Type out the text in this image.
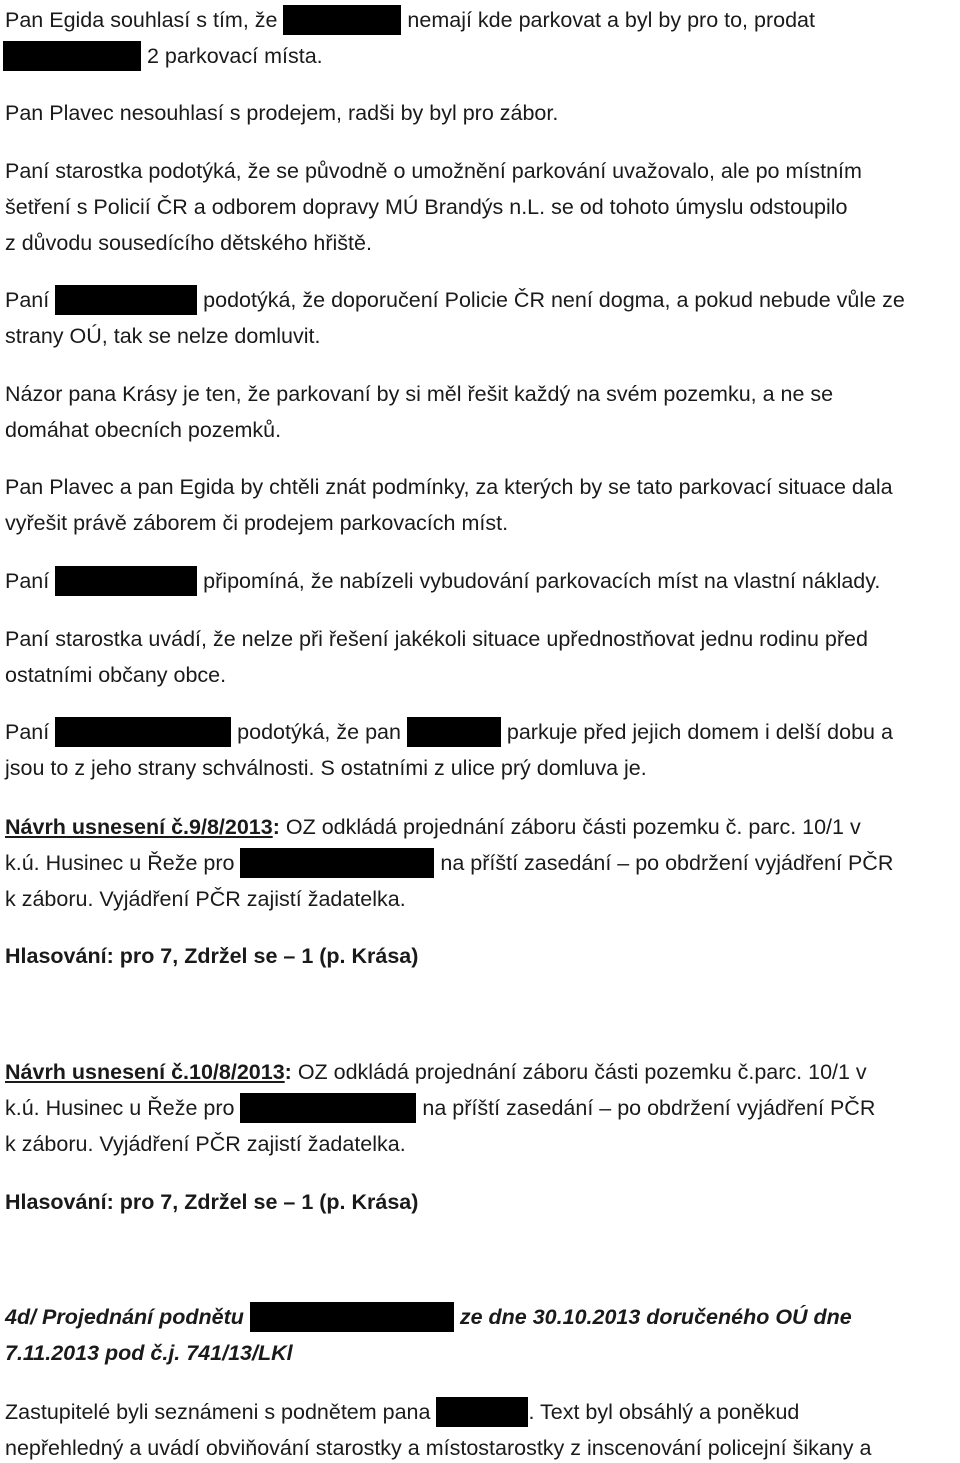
Pan Egida souhlasí s tím, že	nemají kde parkovat a byl by pro to, prodat
2 parkovací místa.
Pan Plavec nesouhlasí s prodejem, radši by byl pro zábor.
Paní starostka podotýká, že se původně o umožnění parkování uvažovalo, ale po místním
šetření s Policií ČR a odborem dopravy MÚ Brandýs n.L. se od tohoto úmyslu odstoupilo
z důvodu sousedícího dětského hřiště.
Paní	podotýká, že doporučení Policie ČR není dogma, a pokud nebude vůle ze
strany OÚ, tak se nelze domluvit.
Názor pana Krásy je ten, že parkovaní by si měl řešit každý na svém pozemku, a ne se
domáhat obecních pozemků.
Pan Plavec a pan Egida by chtěli znát podmínky, za kterých by se tato parkovací situace dala
vyřešit právě záborem či prodejem parkovacích míst.
Paní	připomíná, že nabízeli vybudování parkovacích míst na vlastní náklady.
Paní starostka uvádí, že nelze při řešení jakékoli situace upřednostňovat jednu rodinu před
ostatními občany obce.
Paní	podotýká, že pan	parkuje před jejich domem i delší dobu a
jsou to z jeho strany schválnosti. S ostatními z ulice prý domluva je.
Návrh usnesení č.9/8/2013: OZ odkládá projednání záboru části pozemku č. parc. 10/1 v
k.ú. Husinec u Řeže pro	na příští zasedání – po obdržení vyjádření PČR
k záboru. Vyjádření PČR zajistí žadatelka.
Hlasování: pro 7, Zdržel se – 1 (p. Krása)
Návrh usnesení č.10/8/2013: OZ odkládá projednání záboru části pozemku č.parc. 10/1 v
k.ú. Husinec u Řeže pro	na příští zasedání – po obdržení vyjádření PČR
k záboru. Vyjádření PČR zajistí žadatelka.
Hlasování: pro 7, Zdržel se – 1 (p. Krása)
4d/ Projednání podnětu	ze dne 30.10.2013 doručeného OÚ dne
7.11.2013 pod č.j. 741/13/LKl
Zastupitelé byli seznámeni s podnětem pana	. Text byl obsáhlý a poněkud
nepřehledný a uvádí obviňování starostky a místostarostky z inscenování policejní šikany a
